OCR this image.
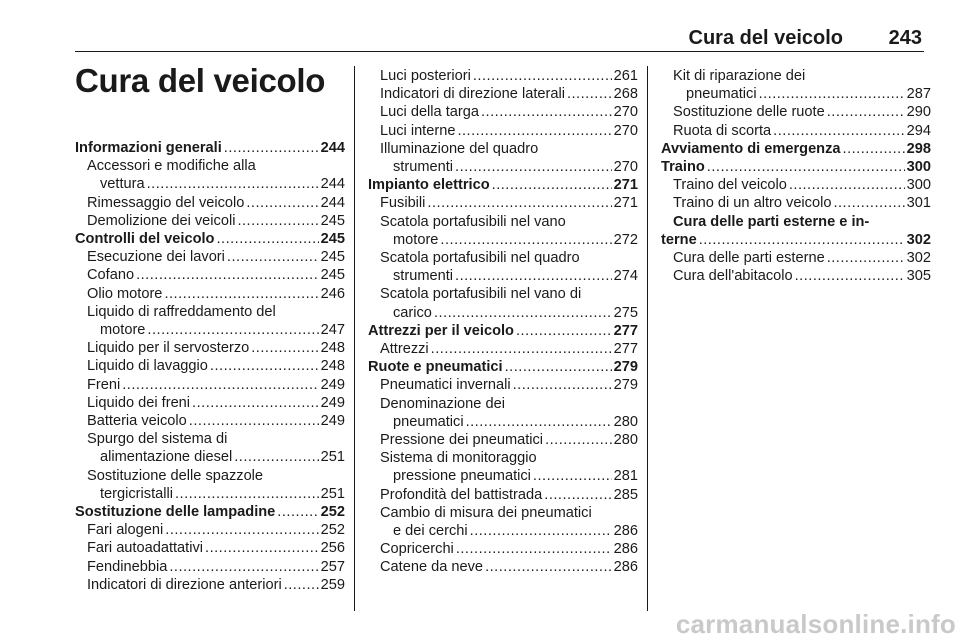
Cura del veicolo 243
Cura del veicolo
Informazioni generali .....	244
Accessori e modifiche alla
vettura .....	244
Rimessaggio del veicolo .....	244
Demolizione dei veicoli .....	245
Controlli del veicolo .....	245
Esecuzione dei lavori .....	245
Cofano .....	245
Olio motore .....	246
Liquido di raffreddamento del
motore .....	247
Liquido per il servosterzo .....	248
Liquido di lavaggio .....	248
Freni .....	249
Liquido dei freni .....	249
Batteria veicolo .....	249
Spurgo del sistema di
alimentazione diesel .....	251
Sostituzione delle spazzole
tergicristalli .....	251
Sostituzione delle lampadine .....	252
Fari alogeni .....	252
Fari autoadattativi .....	256
Fendinebbia .....	257
Indicatori di direzione anteriori .....	259
Luci posteriori .....	261
Indicatori di direzione laterali .....	268
Luci della targa .....	270
Luci interne .....	270
Illuminazione del quadro
strumenti .....	270
Impianto elettrico .....	271
Fusibili .....	271
Scatola portafusibili nel vano
motore .....	272
Scatola portafusibili nel quadro
strumenti .....	274
Scatola portafusibili nel vano di
carico .....	275
Attrezzi per il veicolo .....	277
Attrezzi .....	277
Ruote e pneumatici .....	279
Pneumatici invernali .....	279
Denominazione dei
pneumatici .....	280
Pressione dei pneumatici .....	280
Sistema di monitoraggio
pressione pneumatici .....	281
Profondità del battistrada .....	285
Cambio di misura dei pneumatici
e dei cerchi .....	286
Copricerchi .....	286
Catene da neve .....	286
Kit di riparazione dei
pneumatici .....	287
Sostituzione delle ruote .....	290
Ruota di scorta .....	294
Avviamento di emergenza .....	298
Traino .....	300
Traino del veicolo .....	300
Traino di un altro veicolo .....	301
Cura delle parti esterne e in-
terne .....	302
Cura delle parti esterne .....	302
Cura dell'abitacolo .....	305
carmanualsonline.info
